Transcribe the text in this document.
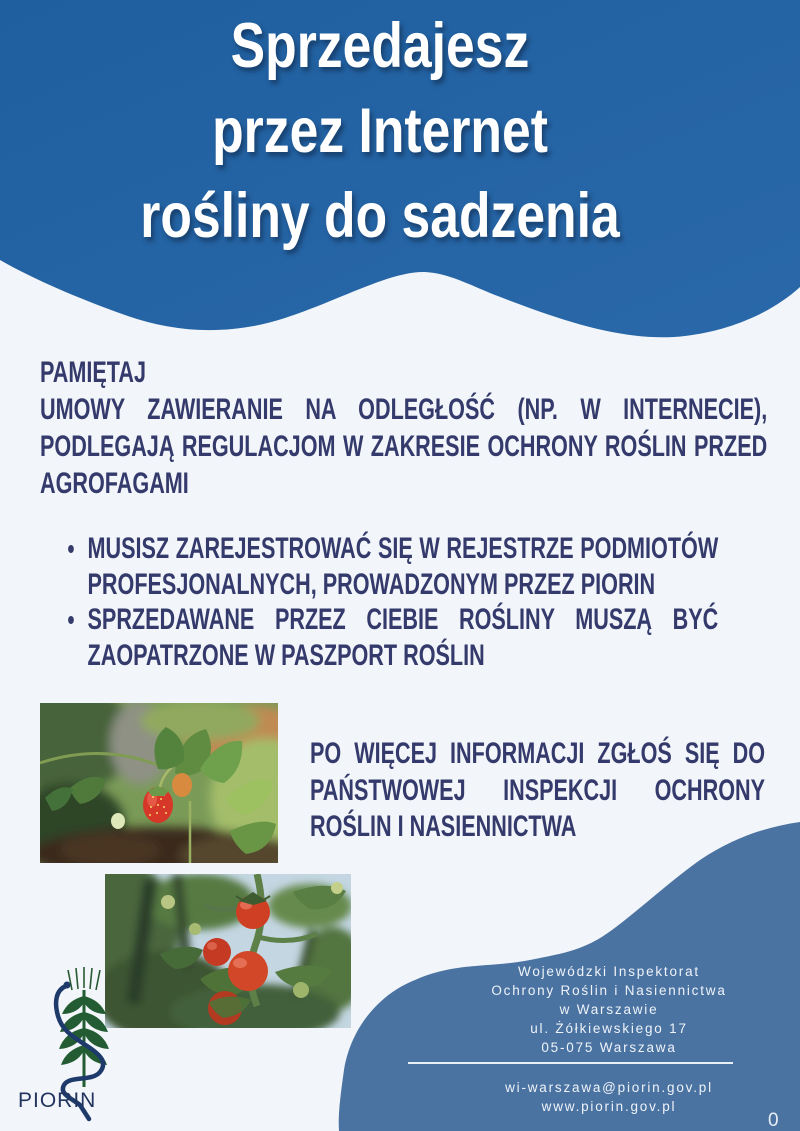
Sprzedajesz
przez Internet
rośliny do sadzenia
PAMIĘTAJ

UMOWY ZAWIERANIE NA ODLEGŁOŚĆ (NP. W INTERNECIE), PODLEGAJĄ REGULACJOM W ZAKRESIE OCHRONY ROŚLIN PRZED AGROFAGAMI

MUSISZ ZAREJESTROWAĆ SIĘ W REJESTRZE PODMIOTÓW PROFESJONALNYCH, PROWADZONYM PRZEZ PIORIN
SPRZEDAWANE PRZEZ CIEBIE ROŚLINY MUSZĄ BYĆ ZAOPATRZONE W PASZPORT ROŚLIN

PO WIĘCEJ INFORMACJI ZGŁOŚ SIĘ DO PAŃSTWOWEJ INSPEKCJI OCHRONY ROŚLIN I NASIENNICTWA

Wojewódzki Inspektorat
Ochrony Roślin i Nasiennictwa
w Warszawie
ul. Żółkiewskiego 17
05-075 Warszawa
wi-warszawa@piorin.gov.pl
www.piorin.gov.pl
PIORIN
0
